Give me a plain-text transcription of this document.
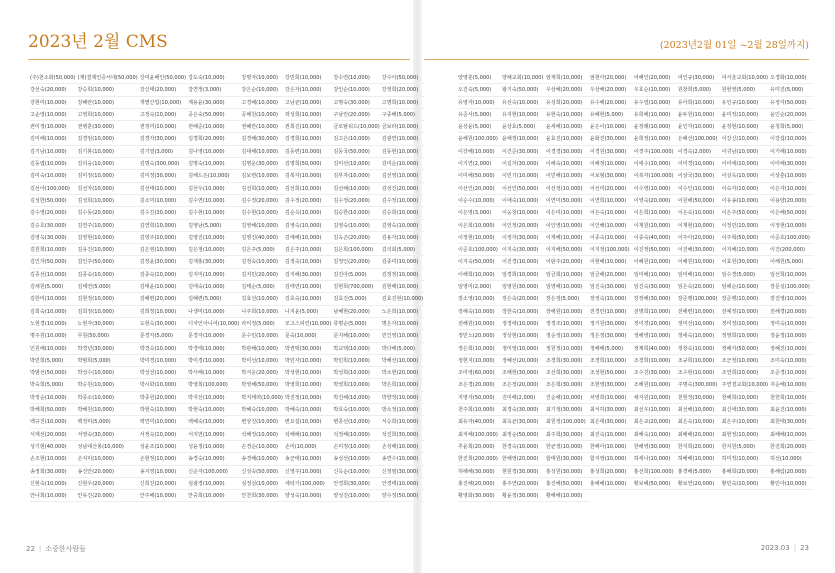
2023년 2월 CMS	(2023년2월 01일 ~2월 28일까지)
(주)천소화(50,000) (재)결제인증서대(50,000) 강미윤배인(50,000) 강도숙(10,000)	강명자(10,000)	강민희(10,000)	강수연(10,000)	강수아(50,000)
강선숙(20,000)	강승희(10,000)	강신태(20,000)	강연정(3,000)	강은순(10,000)	강은자(10,000)	강인순(10,000)	강정희(20,000)
강현미(10,000)	강혜란(10,000)	개별산업(10,000)	계용윤(30,000)	고경해(10,000)	고남균(10,000)	고명숙(30,000)	고명희(10,000)
고순영(10,000)	고영희(10,000)	고정숙(10,000)	공은숙(50,000)	공해원(10,000)	곽성희(10,000)	구남린(20,000)	구종해(5,000)
권미정(10,000)	권병훈(30,000)	권정미(10,000)	권해준(10,000)	권혜란(10,000)	권희진(10,000)	금로탈워드(10,000) 금보라(10,000)
김미해(10,000)	김경임(10,000)	김경자(30,000)	김경희(20,000)	김경해(30,000)	김경희(10,000)	김고은(10,000)	김광연(10,000)
김기남(10,000)	김기봉(10,000)	김기열(3,000)	김나영(10,000)	김대해(10,000)	김동련(10,000)	김동국(50,000)	김동현(10,000)
김동엽(10,000)	김리웅(10,000)	김명숙(300,000)	김명숙(10,000)	김명운(30,000)	김명희(50,000)	김미선(10,000)	김미순(10,000)
김미숙(10,000)	김미정(10,000)	김미정(30,000)	김해드든(10,000)	김보련(10,000)	김복자(10,000)	김부자(10,000)	김선영(10,000)
김선아(100,000)	김선자(10,000)	김선태(10,000)	김선우(10,000)	김선희(10,000)	김선희(10,000)	김선해(10,000)	김성진(20,000)
김성한(50,000)	김성희(10,000)	김소미(10,000)	김수연(10,000)	김수정(20,000)	김수정(20,000)	김수정(20,000)	김수정(10,000)
김수영(20,000)	김수동(20,000)	김수진(30,000)	김수현(10,000)	김수현(10,000)	김순옥(10,000)	김승한(10,000)	김승희(10,000)
김승호(30,000)	김연주(10,000)	김연희(10,000)	김영남(5,000)	김영해(10,000)	김영숙(10,000)	김영숙(10,000)	김영숙(10,000)
김영옥(30,000)	김영현(10,000)	김영주(10,000)	김영진(10,000)	김영진(40,000)	김예해(10,000)	김옥곤(20,000)	김용자(10,000)
김원희(10,000)	김유진(10,000)	김은영(10,000)	김은정(10,000)	김은주(5,000)	김은주(10,000)	김은희(100,000)	김의회(5,000)
김인자(50,000)	김인주(50,000)	김정윤(30,000)	김재홍(30,000)	김정숙(10,000)	김정숙(10,000)	김정인(20,000)	김종미(10,000)
김종선(10,000)	김종숙(10,000)	김종숙(10,000)	김지미(10,000)	김지민(20,000)	김지혜(30,000)	김진아(5,000)	김정정(10,000)
김채원(5,000)	김태연(5,000)	김태윤(10,000)	김태숙(10,000)	김태순(5,000)	김태연(10,000)	김현희(700,000)	김현해(10,000)
김한미(10,000)	김현정(10,000)	김혜련(20,000)	김혜련(5,000)	김효선(10,000)	김효숙(10,000)	김효진(5,000)	김효진현(10,000)
김희숙(10,000)	김희정(10,000)	김희정(10,000)	나생미(10,000)	나주희(10,000)	나지윤(5,000)	남혜현(20,000)	노은희(10,000)
노현경(10,000)	노현자(30,000)	도현숙(30,000)	디자인아니어(10,000) 라미정(5,000)	모고스피린(10,000) 류명순(5,000)	명은자(10,000)
명주원(10,000)	무원(50,000)	문경자(5,000)	문경자(10,000)	문수민(10,000)	문숙(10,000)	문지해(10,000)	민인영(10,000)
민원해(10,000)	박경년(30,000)	박경숙(10,000)	박경태(10,000)	박관해(10,000)	박권택(30,000)	박교택(10,000)	박다해(5,000)
박민희(5,000)	박범희(5,000)	박미경(10,000)	박미경(10,000)	박미선(10,000)	박민자(10,000)	박민희(10,000)	박해선(10,000)
박범선(50,000)	박성수(10,000)	박성선(10,000)	박서해(10,000)	박서운(20,000)	박성현(10,000)	박성희(10,000)	박소현(20,000)
박숙희(5,000)	박승원(10,000)	박시화(10,000)	박영희(100,000)	박영해(50,000)	박영희(10,000)	박영희(10,000)	박은희(10,000)
박정순(10,000)	박종소(10,000)	박종원(20,000)	박지선(10,000)	박지태려(10,000) 박진정(10,000)	박진해(10,000)	박향정(10,000)
박해희(50,000)	박해원(10,000)	박현숙(10,000)	박현숙(10,000)	박혜숙(10,000)	박혜숙(10,000)	박효숙(10,000)	방소정(10,000)
백규진(10,000)	백정미(5,000)	백연미(10,000)	백혜숙(10,000)	변상진(10,000)	변요섭(10,000)	변종선(10,000)	서승희(10,000)
서재선(20,000)	서영숙(30,000)	서정숙(10,000)	서지연(10,000)	석해정(10,000)	석해해(10,000)	석정해(10,000)	석진희(30,000)
성기현(40,000)	성남대산봉(10,000)	성윤조(10,000)	성윤정(10,000)	손경순(10,000)	손미(10,000)	손미정(10,000)	손성해(10,000)
손조현(10,000)	손지미(10,000)	손현정(10,000)	송경숙(10,000)	송경해(10,000)	송군태(10,000)	송성선(10,000)	송연수(10,000)
송정희(30,000)	송진안(20,000)	송지영(10,000)	신순자(100,000)	신성숙(50,000)	신영주(10,000)	신옥순(10,000)	신정필(30,000)
신현숙(10,000)	신현우(20,000)	신희진(20,000)	심광경(10,000)	심정실(10,000)	세탁기(100,000)	안경희(30,000)	안경태(10,000)
안나희(10,000)	안유진(20,000)	안주해(10,000)	안중희(10,000)	안찬희(30,000)	양성숙(10,000)	양성진(10,000)	양수정(50,000)
양영훈(5,000)	양해교회(10,000) 엄재희(10,000)	엄현아(20,000)	여해인(20,000)	여인규(30,000)	여서울교회(10,000) 오경화(10,000)
오진숙(5,000)	왕기숙(50,000)	우상해(20,000)	우상해(20,000)	우효순(10,000)	원창희(5,000)	원현영(5,000)	유미진(5,000)
유영자(10,000)	유선숙(10,000)	유성희(20,000)	유수해(20,000)	유수열(10,000)	유아희(10,000)	유인규(10,000)	유정자(50,000)
유준서(5,000)	유지현(10,000)	유현숙(10,000)	유혜현(5,000)	유희해(10,000)	윤두원(10,000)	윤미정(10,000)	윤인순(20,000)
윤상윤(5,000)	윤상효(5,000)	윤세해(10,000)	윤은이(10,000)	윤정례(10,000)	윤인자(10,000)	윤정현(10,000)	윤청희(5,000)
윤해원(100,000) 윤해정(10,000)	윤효진(10,000)	윤화진(30,000)	윤희정(10,000)	은혜선(100,000) 이강신(10,000)	이강섭(10,000)
이강해(10,000)	이건준(30,000)	이경경(30,000)	이경원(30,000)	이경주(100,000) 이경숙(2,000)	이귀남(10,000)	이기해(10,000)
이기연(2,000)	이길자(30,000)	이해숙(10,000)	이해정(10,000)	이애수(10,000)	이미경(10,000)	이미애(10,000)	이미해(30,000)
이미해(50,000)	이민기(10,000)	이민해(10,000)	이보형(30,000)	이복자(100,000) 이상국(30,000)	이상옥(10,000)	이상훈(10,000)
이선인(20,000)	이선인(50,000)	이선정(10,000)	이선미(20,000)	이수영(10,000)	이수인(10,000)	이숙자(10,000)	이은자(10,000)
이순수(10,000)	이애숙(10,000)	이연미(50,000)	이연희(10,000)	이영숙(20,000)	이원해(50,000)	이유송(10,000)	이용양(20,000)
이은영(3,000)	이웅창(10,000)	이은미(10,000)	이은숙(10,000)	이은희(10,000)	이은숙(10,000)	이은주(50,000)	이은해(50,000)
이은희(10,000)	이인정(20,000)	이인영(10,000)	이인해(10,000)	이재원(10,000)	이재현(10,000)	이정민(10,000)	이정현(10,000)
이정현(10,000)	이정자(30,000)	이재해(10,000)	이종숙(10,000)	이종숙(40,000)	이주아(20,000)	이주혁(50,000)	이준호(100,000)
이준호(100,000) 이지숙(30,000)	이지해(50,000)	이지정(100,000) 이진정(50,000)	이진해(30,000)	이지해(10,000)	이진(200,000)
이지숙(50,000)	이진경(10,000)	이판주(20,000)	이현해(10,000)	이혜원(10,000)	이혜원(10,000)	이효원(30,000)	이해원(5,000)
이해희(10,000)	임경희(10,000)	임금희(10,000)	임금해(20,000)	임미해(10,000)	임미해(10,000)	임수경(5,000)	임선희(10,000)
임영미(2,000)	임영원(30,000)	임영해(10,000)	임진숙(30,000)	임진숙(30,000)	임은숙(20,000)	임해순(10,000)	장문실(100,000)
장소영(10,000)	장은숙(20,000)	장은정(5,000)	장정숙(10,000)	장정해(30,000)	장준행(100,000) 장준행(10,000)	장진영(10,000)
장해숙(10,000)	장한숙(10,000)	장해원(10,000)	전경란(10,000)	전명희(10,000)	전해련(10,000)	전예정(10,000)	전해경(20,000)
전해원(10,000)	정경애(10,000)	정경조(10,000)	정기원(30,000)	정미경(20,000)	정미선(10,000)	정미정(10,000)	정미숙(10,000)
정민노(20,000)	정상현(10,000)	정순정(10,000)	정은정(30,000)	정해영(10,000)	정애숙(10,000)	정영희(10,000)	정윤정(10,000)
정은희(10,000)	정미영(10,000)	정원정(10,000)	정해해(5,000)	정제희(40,000)	정창숙(10,000)	정해자(50,000)	정혜진(10,000)
정현지(10,000)	정혜선(20,000)	조경희(30,000)	조경희(10,000)	조경희(10,000)	조규희(10,000)	조군정(10,000)	조미숙(10,000)
조미영(60,000)	조해현(30,000)	조선희(30,000)	조성현(50,000)	조수진(30,000)	조수현(10,000)	조연희(20,000)	조준경(10,000)
조은경(20,000)	조은정(20,000)	조은희(30,000)	조현영(30,000)	조해원(10,000)	주명숙(300,000) 주연결교회(10,000) 지순해(10,000)
지영자(50,000)	진미해(2,000)	진순해(10,000)	차영희(10,000)	채지원(10,000)	천현정(30,000)	천해희(10,000)	천헌희(10,000)
천주희(10,000)	최경숙(30,000)	최기정(30,000)	최서하(30,000)	최선우(10,000)	최선해(10,000)	최신애(30,000)	최윤진(10,000)
최유자(40,000)	최옥균(30,000)	최원정(100,000) 최은대(30,000)	최은교(20,000)	최은숙(10,000)	최은주(10,000)	최원태(30,000)
최지해(100,000) 최정순(50,000)	최주희(30,000)	최진숙(10,000)	최해숙(10,000)	최해해(20,000)	최현정(10,000)	최해해(10,000)
추윤희(20,000)	한경숙(10,000)	한균정(10,000)	한해아(10,000)	한해영(30,000)	한지희(20,000)	한지원(5,000)	한진희(20,000)
한진희(200,000) 한해영(20,000)	함태원(30,000)	함지영(10,000)	허세나(10,000)	허해해(10,000)	허미정(10,000)	허선(10,000)
허해해(30,000)	현원경(30,000)	홍성원(30,000)	홍성희(20,000)	홍선희(100,000) 홍경해(5,000)	홍해희(20,000)	홍해림(20,000)
홍진해(20,000)	홍주연(20,000)	홍진해(50,000)	홍해해(10,000)	황보혜(50,000)	황보연(20,000)	황민숙(10,000)	황민아(10,000)
황영화(30,000)	황윤정(30,000)	황해해(10,000)
22 | 소중한사람들	2023.03 | 23
